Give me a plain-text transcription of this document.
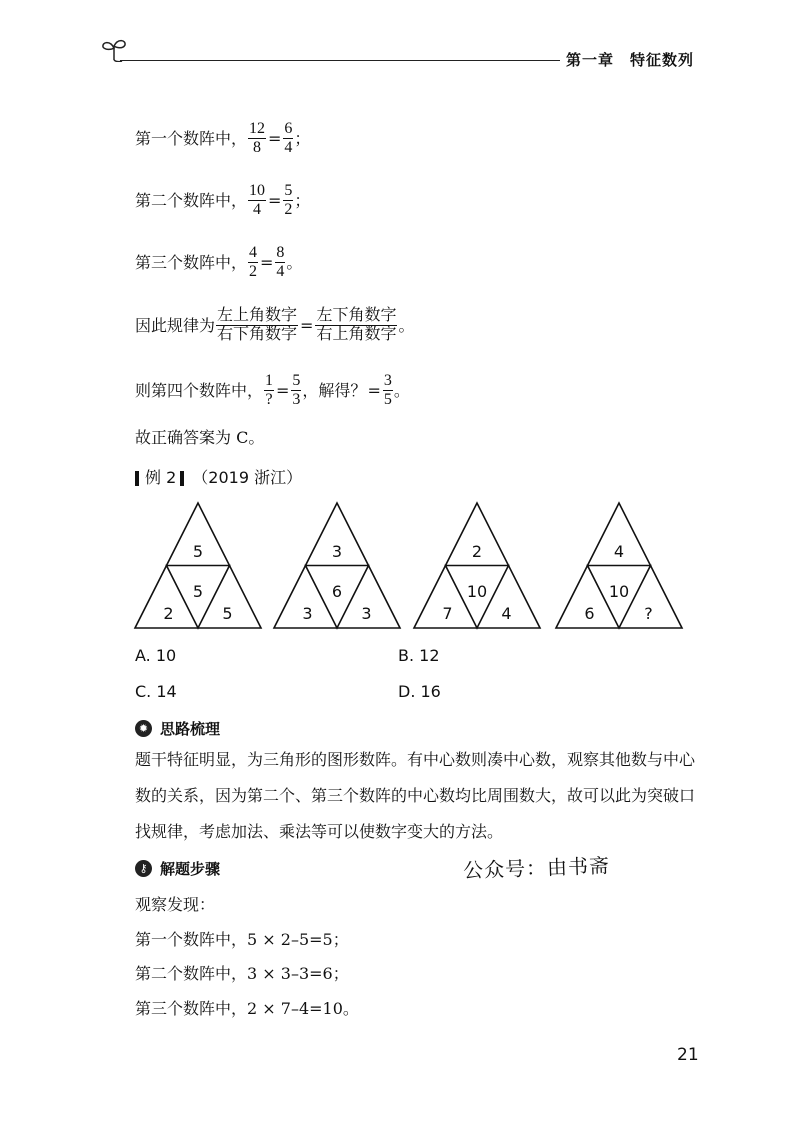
第一章　特征数列
第一个数阵中， $\frac{12}{8} = \frac{6}{4}$ ；
第二个数阵中， $\frac{10}{4} = \frac{5}{2}$ ；
第三个数阵中， $\frac{4}{2} = \frac{8}{4}$ 。
因此规律为 $\frac{\text{左上角数字}}{\text{右下角数字}} = \frac{\text{左下角数字}}{\text{右上角数字}}$ 。
则第四个数阵中， $\frac{1}{?} = \frac{5}{3}$ ，解得？ = $\frac{3}{5}$ 。
故正确答案为 C。
例 2 （2019 浙江）
5
5
2	5
3
6
3	3
2
10
7	4
4
10
6	?
A. 10	B. 12
C. 14	D. 16
✹ 思路梳理
题干特征明显，为三角形的图形数阵。有中心数则凑中心数，观察其他数与中心数的关系，因为第二个、第三个数阵的中心数均比周围数大，故可以此为突破口找规律，考虑加法、乘法等可以使数字变大的方法。
⚷ 解题步骤	公众号：由书斋
观察发现：
第一个数阵中，5 × 2–5=5；
第二个数阵中，3 × 3–3=6；
第三个数阵中，2 × 7–4=10。
21
